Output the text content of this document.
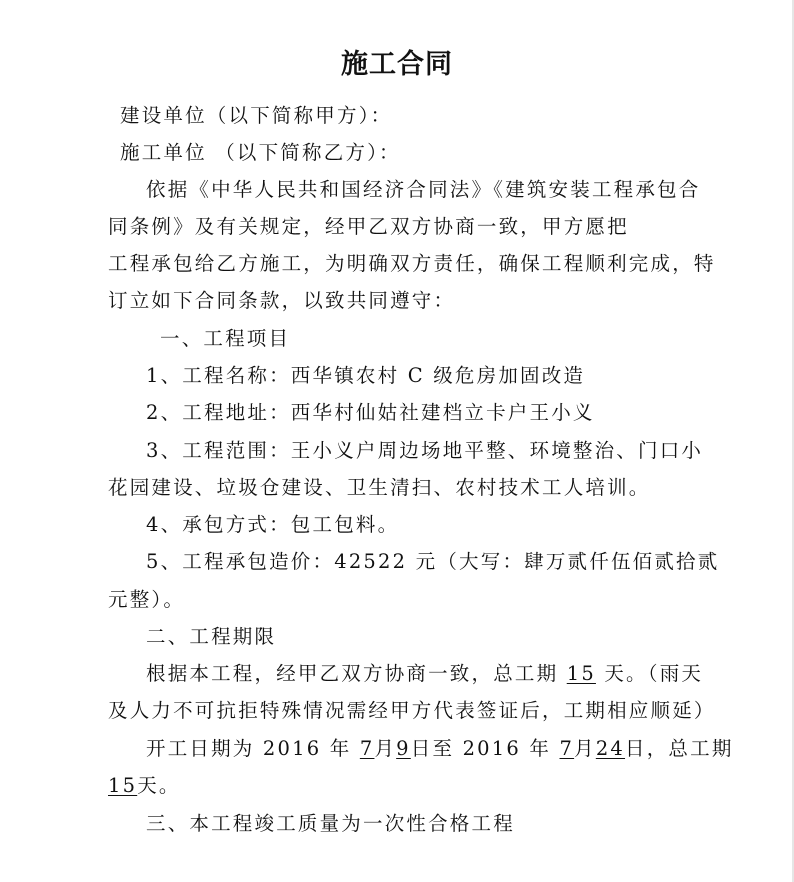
施工合同
建设单位（以下简称甲方）：
施工单位 （以下简称乙方）：
依据《中华人民共和国经济合同法》《建筑安装工程承包合
同条例》及有关规定，经甲乙双方协商一致，甲方愿把
工程承包给乙方施工，为明确双方责任，确保工程顺利完成，特
订立如下合同条款，以致共同遵守：
一、工程项目
1、工程名称：西华镇农村 C 级危房加固改造
2、工程地址：西华村仙姑社建档立卡户王小义
3、工程范围：王小义户周边场地平整、环境整治、门口小
花园建设、垃圾仓建设、卫生清扫、农村技术工人培训。
4、承包方式：包工包料。
5、工程承包造价：42522 元（大写：肆万贰仟伍佰贰拾贰
元整）。
二、工程期限
根据本工程，经甲乙双方协商一致，总工期 15 天。（雨天
及人力不可抗拒特殊情况需经甲方代表签证后，工期相应顺延）
开工日期为 2016 年 7月9日至 2016 年 7月24日，总工期
15天。
三、本工程竣工质量为一次性合格工程
